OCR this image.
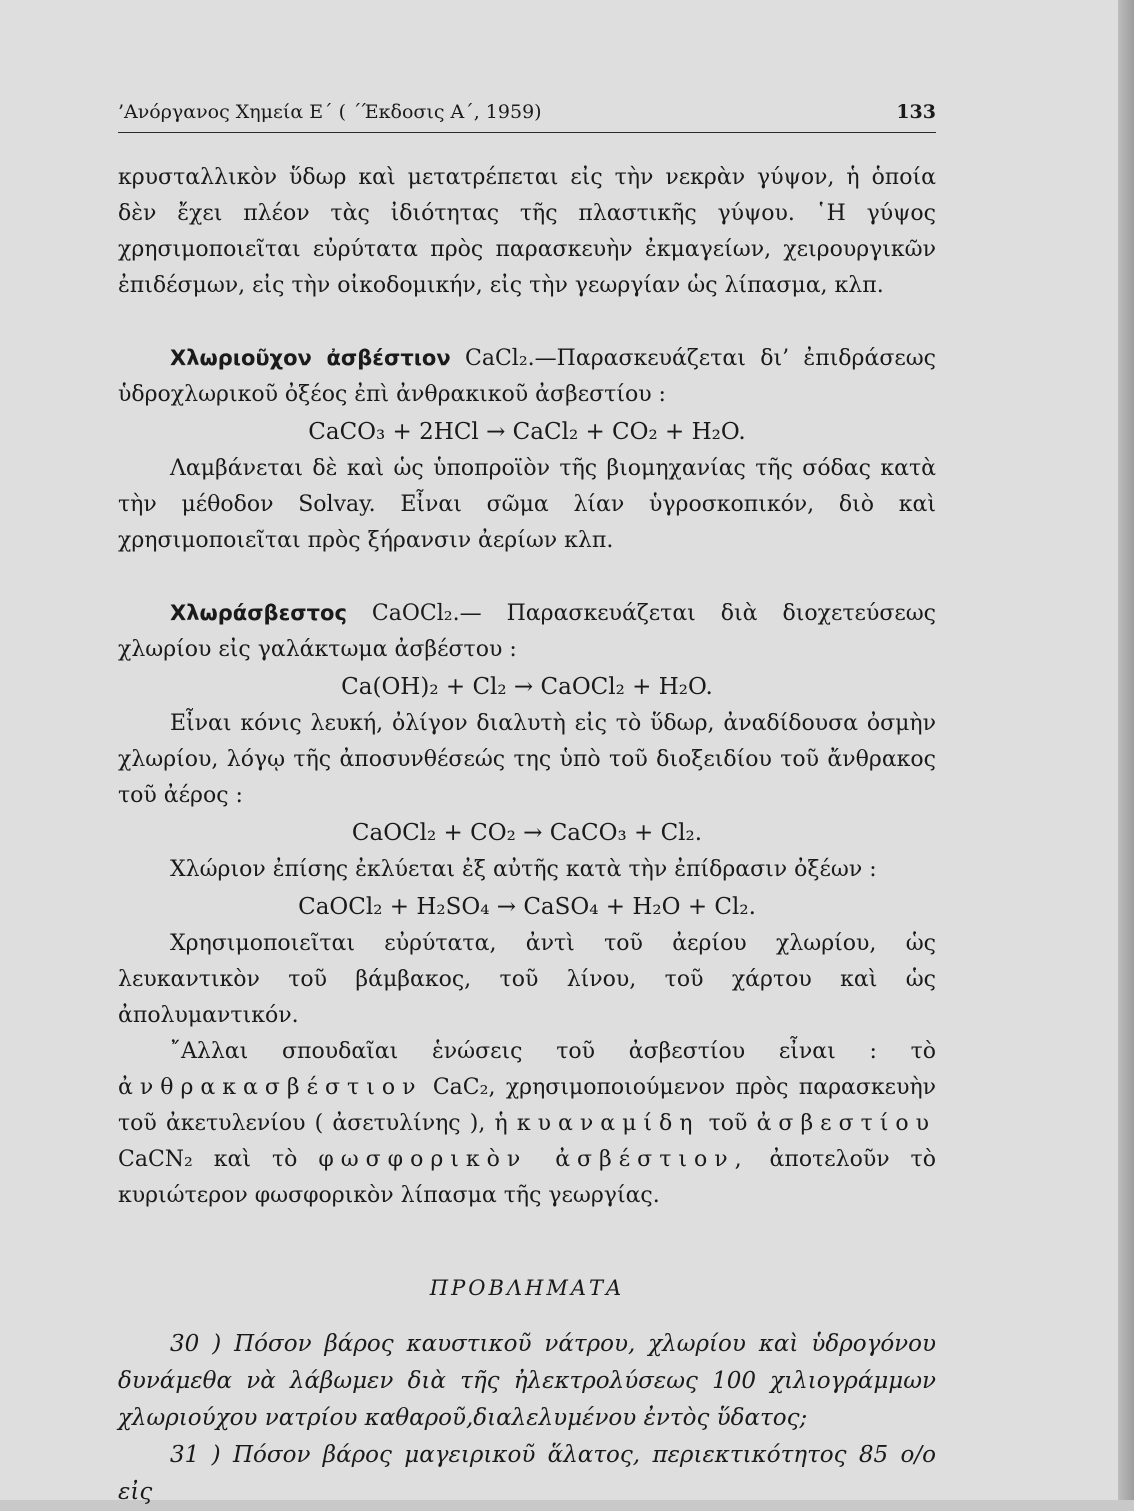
’Ανόργανος Χημεία Ε΄ ( ΄Έκδοσις Α΄, 1959)	133

κρυσταλλικὸν ὕδωρ καὶ μετατρέπεται εἰς τὴν νεκρὰν γύψον, ἡ ὁποία δὲν ἔχει πλέον τὰς ἰδιότητας τῆς πλαστικῆς γύψου. ῾Η γύψος χρησιμοποιεῖται εὐρύτατα πρὸς παρασκευὴν ἐκμαγείων, χειρουργικῶν ἐπιδέσμων, εἰς τὴν οἰκοδομικήν, εἰς τὴν γεωργίαν ὡς λίπασμα, κλπ.

Χλωριοῦχον ἀσβέστιον CaCl₂.—Παρασκευάζεται δι’ ἐπιδράσεως ὑδροχλωρικοῦ ὀξέος ἐπὶ ἀνθρακικοῦ ἀσβεστίου :

CaCO₃ + 2HCl → CaCl₂ + CO₂ + H₂O.

Λαμβάνεται δὲ καὶ ὡς ὑποπροϊὸν τῆς βιομηχανίας τῆς σόδας κατὰ τὴν μέθοδον Solvay. Εἶναι σῶμα λίαν ὑγροσκοπικόν, διὸ καὶ χρησιμοποιεῖται πρὸς ξήρανσιν ἀερίων κλπ.

Χλωράσβεστος CaOCl₂.— Παρασκευάζεται διὰ διοχετεύσεως χλωρίου εἰς γαλάκτωμα ἀσβέστου :

Ca(OH)₂ + Cl₂ → CaOCl₂ + H₂O.

Εἶναι κόνις λευκή, ὀλίγον διαλυτὴ εἰς τὸ ὕδωρ, ἀναδίδουσα ὀσμὴν χλωρίου, λόγῳ τῆς ἀποσυνθέσεώς της ὑπὸ τοῦ διοξειδίου τοῦ ἄνθρακος τοῦ ἀέρος :

CaOCl₂ + CO₂ → CaCO₃ + Cl₂.

Χλώριον ἐπίσης ἐκλύεται ἐξ αὐτῆς κατὰ τὴν ἐπίδρασιν ὀξέων :

CaOCl₂ + H₂SO₄ → CaSO₄ + H₂O + Cl₂.

Χρησιμοποιεῖται εὐρύτατα, ἀντὶ τοῦ ἀερίου χλωρίου, ὡς λευκαντικὸν τοῦ βάμβακος, τοῦ λίνου, τοῦ χάρτου καὶ ὡς ἀπολυμαντικόν.

῎Αλλαι σπουδαῖαι ἑνώσεις τοῦ ἀσβεστίου εἶναι : τὸ ἀνθρακασβέστιον CaC₂, χρησιμοποιούμενον πρὸς παρασκευὴν τοῦ ἀκετυλενίου ( ἀσετυλίνης ), ἡ κυαναμίδη τοῦ ἀσβεστίου CaCN₂ καὶ τὸ φωσφορικὸν ἀσβέστιον, ἀποτελοῦν τὸ κυριώτερον φωσφορικὸν λίπασμα τῆς γεωργίας.

ΠΡΟΒΛΗΜΑΤΑ

30 ) Πόσον βάρος καυστικοῦ νάτρου, χλωρίου καὶ ὑδρογόνου δυνάμεθα νὰ λάβωμεν διὰ τῆς ἠλεκτρολύσεως 100 χιλιογράμμων χλωριούχου νατρίου καθαροῦ,διαλελυμένου ἐντὸς ὕδατος;

31 ) Πόσον βάρος μαγειρικοῦ ἅλατος, περιεκτικότητος 85 ο/ο εἰς
